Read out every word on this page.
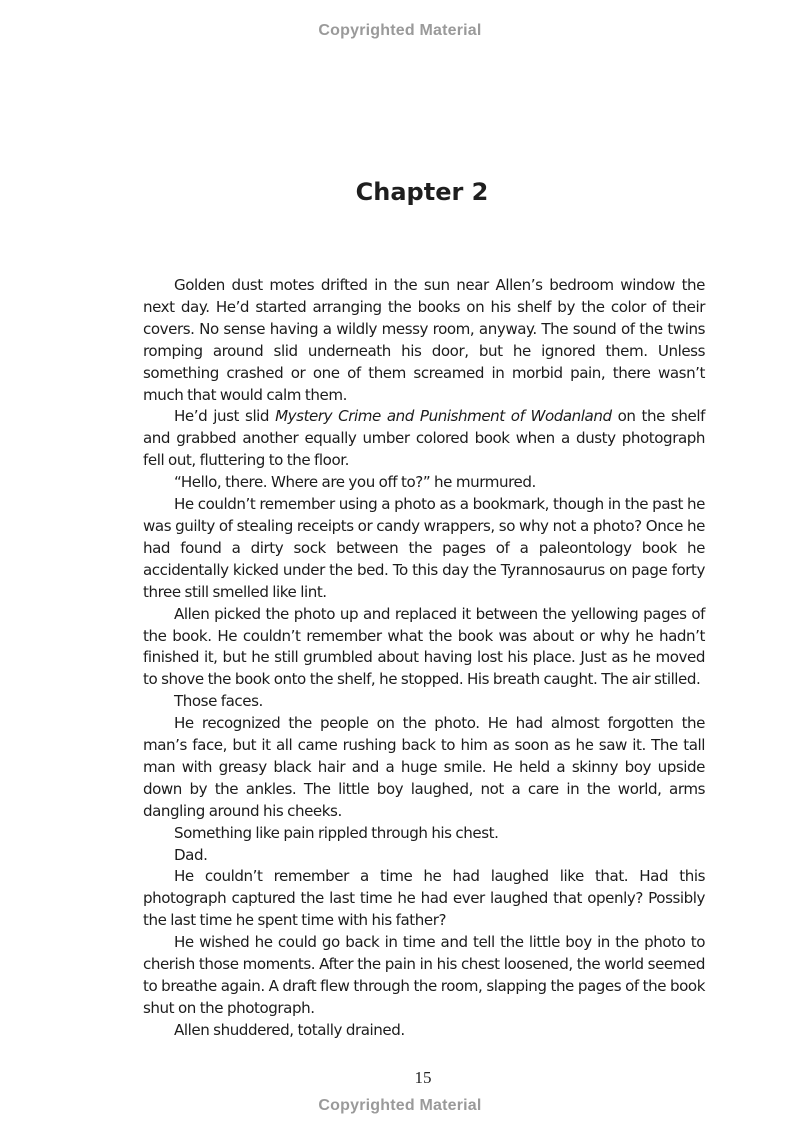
Copyrighted Material
Chapter 2

Golden dust motes drifted in the sun near Allen’s bedroom window the next day. He’d started arranging the books on his shelf by the color of their covers. No sense having a wildly messy room, anyway. The sound of the twins romping around slid underneath his door, but he ignored them. Unless something crashed or one of them screamed in morbid pain, there wasn’t much that would calm them.

He’d just slid Mystery Crime and Punishment of Wodanland on the shelf and grabbed another equally umber colored book when a dusty photograph fell out, fluttering to the floor.

“Hello, there. Where are you off to?” he murmured.

He couldn’t remember using a photo as a bookmark, though in the past he was guilty of stealing receipts or candy wrappers, so why not a photo? Once he had found a dirty sock between the pages of a paleontology book he accidentally kicked under the bed. To this day the Tyrannosaurus on page forty three still smelled like lint.

Allen picked the photo up and replaced it between the yellowing pages of the book. He couldn’t remember what the book was about or why he hadn’t finished it, but he still grumbled about having lost his place. Just as he moved to shove the book onto the shelf, he stopped. His breath caught. The air stilled.

Those faces.

He recognized the people on the photo. He had almost forgotten the man’s face, but it all came rushing back to him as soon as he saw it. The tall man with greasy black hair and a huge smile. He held a skinny boy upside down by the ankles. The little boy laughed, not a care in the world, arms dangling around his cheeks.

Something like pain rippled through his chest.

Dad.

He couldn’t remember a time he had laughed like that. Had this photograph captured the last time he had ever laughed that openly? Possibly the last time he spent time with his father?

He wished he could go back in time and tell the little boy in the photo to cherish those moments. After the pain in his chest loosened, the world seemed to breathe again. A draft flew through the room, slapping the pages of the book shut on the photograph.

Allen shuddered, totally drained.

15
Copyrighted Material
